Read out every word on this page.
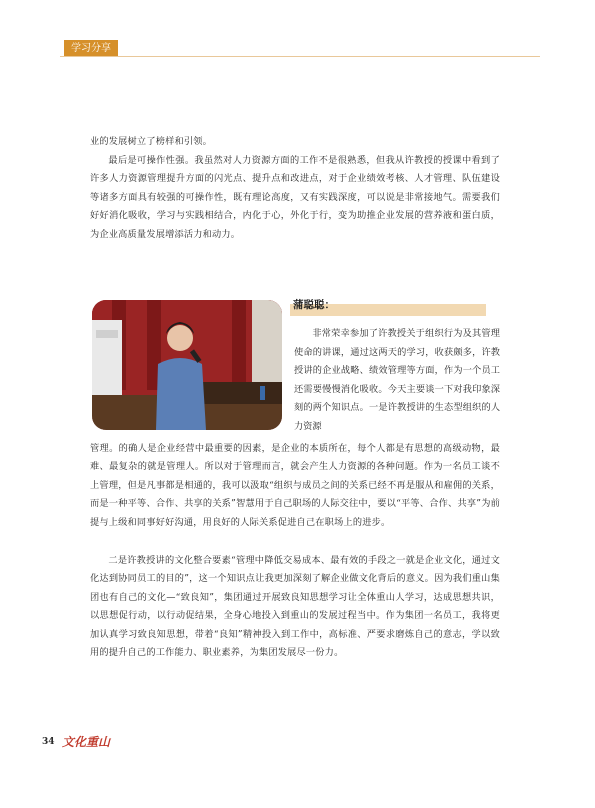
学习分享

业的发展树立了榜样和引领。

最后是可操作性强。我虽然对人力资源方面的工作不是很熟悉，但我从许教授的授课中看到了许多人力资源管理提升方面的闪光点、提升点和改进点，对于企业绩效考核、人才管理、队伍建设等诸多方面具有较强的可操作性，既有理论高度，又有实践深度，可以说是非常接地气。需要我们好好消化吸收，学习与实践相结合，内化于心，外化于行，变为助推企业发展的营养液和蛋白质，为企业高质量发展增添活力和动力。

蒲聪聪：

非常荣幸参加了许教授关于组织行为及其管理使命的讲课，通过这两天的学习，收获颇多，许教授讲的企业战略、绩效管理等方面，作为一个员工还需要慢慢消化吸收。今天主要谈一下对我印象深刻的两个知识点。一是许教授讲的生态型组织的人力资源

管理。的确人是企业经营中最重要的因素，是企业的本质所在，每个人都是有思想的高级动物，最难、最复杂的就是管理人。所以对于管理而言，就会产生人力资源的各种问题。作为一名员工谈不上管理，但是凡事都是相通的，我可以汲取“组织与成员之间的关系已经不再是服从和雇佣的关系，而是一种平等、合作、共享的关系”智慧用于自己职场的人际交往中，要以“平等、合作、共享”为前提与上级和同事好好沟通，用良好的人际关系促进自己在职场上的进步。

二是许教授讲的文化整合要素“管理中降低交易成本、最有效的手段之一就是企业文化，通过文化达到协同员工的目的”，这一个知识点让我更加深刻了解企业做文化背后的意义。因为我们重山集团也有自己的文化—“致良知”，集团通过开展致良知思想学习让全体重山人学习，达成思想共识，以思想促行动，以行动促结果，全身心地投入到重山的发展过程当中。作为集团一名员工，我将更加认真学习致良知思想，带着“良知”精神投入到工作中，高标准、严要求磨炼自己的意志，学以致用的提升自己的工作能力、职业素养，为集团发展尽一份力。

34 文化重山
